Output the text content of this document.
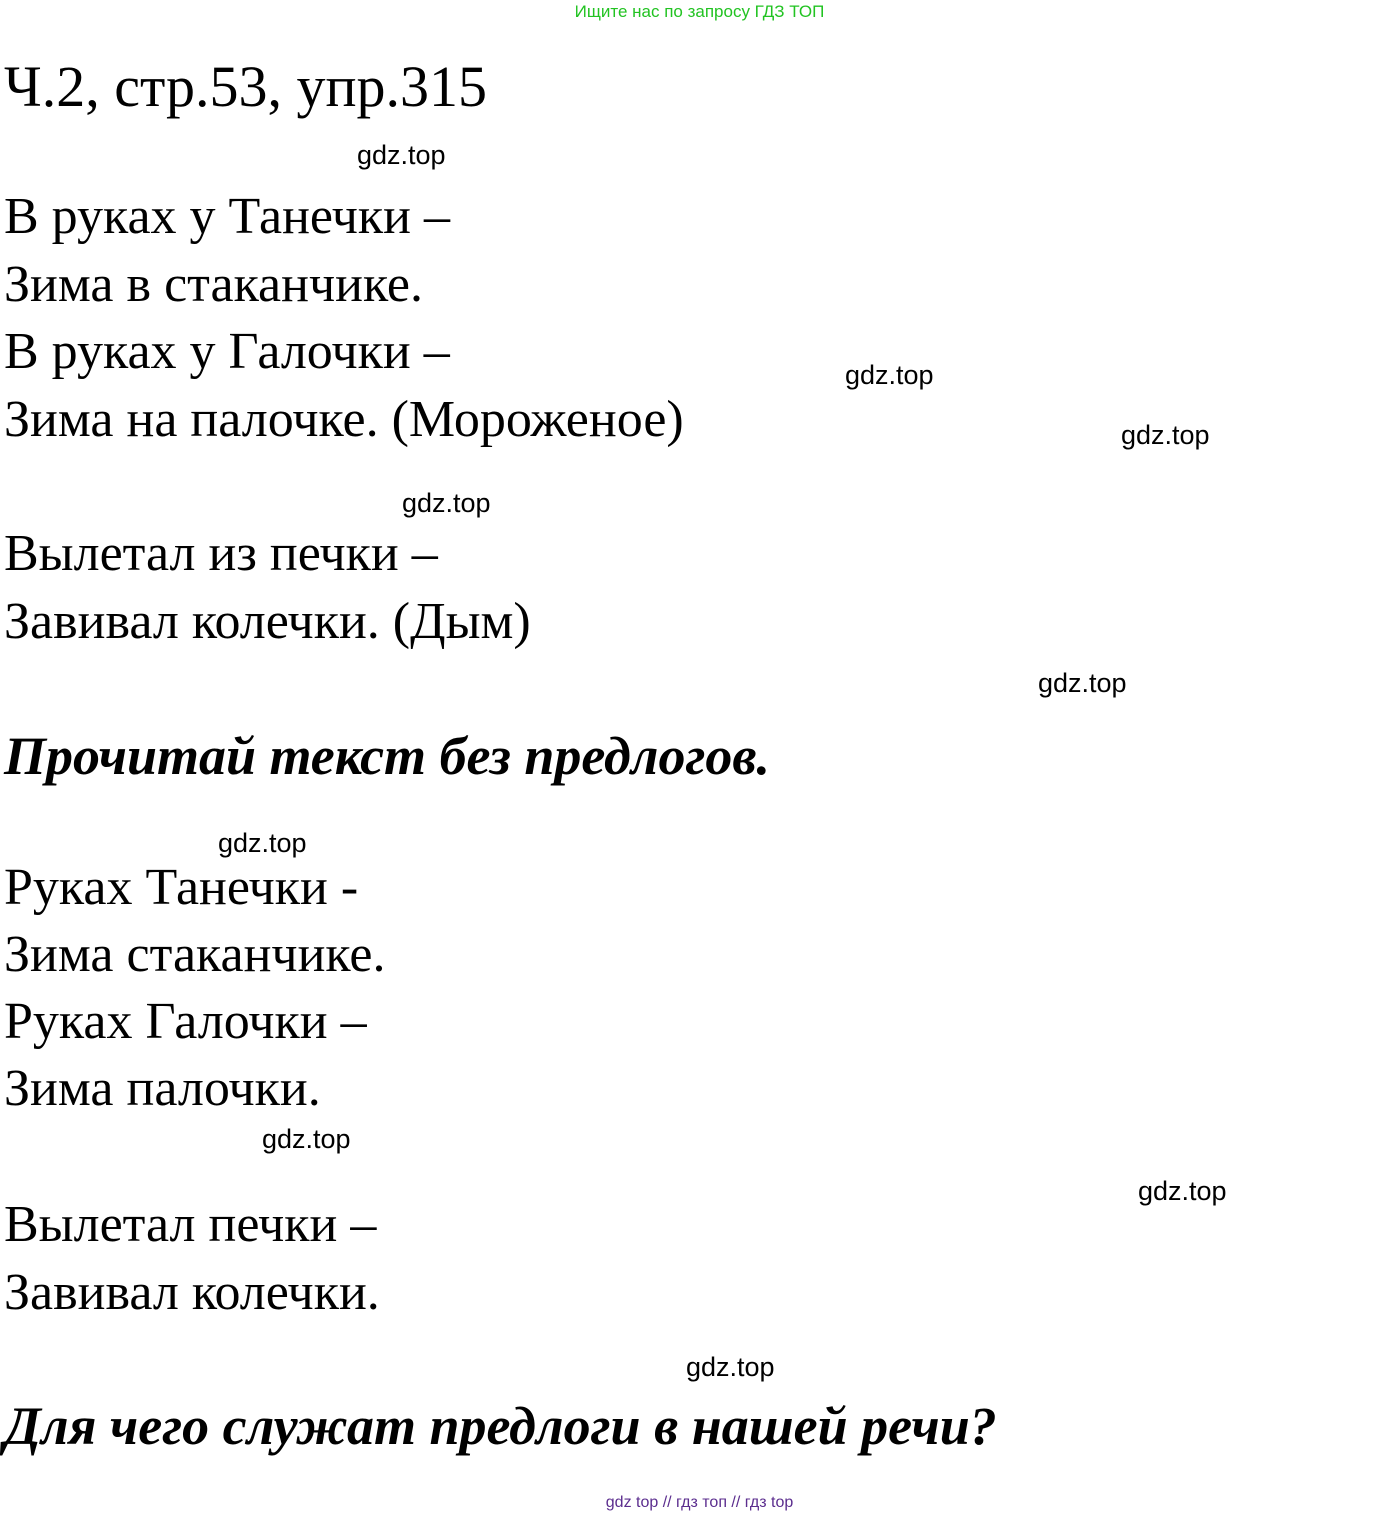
Ищите нас по запросу ГДЗ ТОП
Ч.2, стр.53, упр.315
gdz.top
В руках у Танечки –
Зима в стаканчике.
В руках у Галочки –
Зима на палочке. (Мороженое)
gdz.top
gdz.top
gdz.top
Вылетал из печки –
Завивал колечки. (Дым)
gdz.top
Прочитай текст без предлогов.
gdz.top
Руках Танечки -
Зима стаканчике.
Руках Галочки –
Зима палочки.
gdz.top
gdz.top
Вылетал печки –
Завивал колечки.
gdz.top
Для чего служат предлоги в нашей речи?
gdz top // гдз топ // гдз top
